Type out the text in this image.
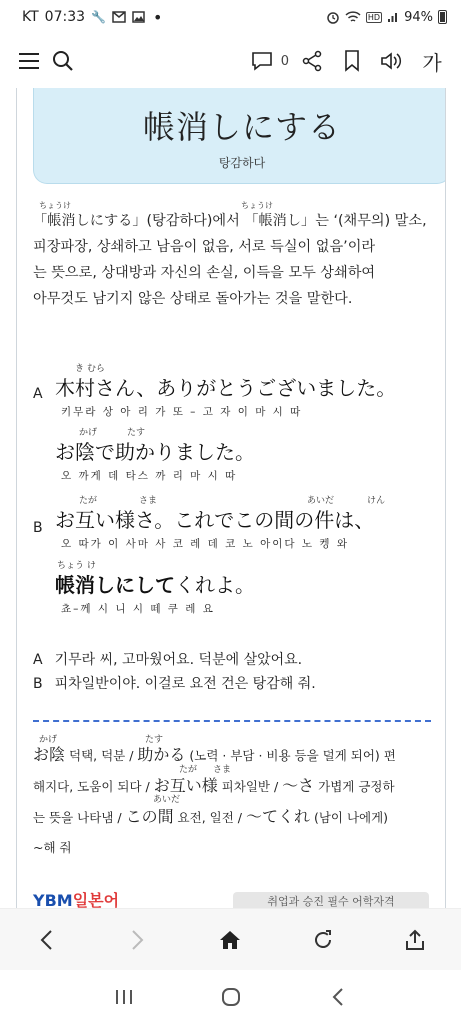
KT 07:33 🔧	•	HD 94%
0	가
帳消しにする
탕감하다
ちょうけ	ちょうけ
「帳消しにする」(탕감하다)에서 「帳消し」는 ‘(채무의) 말소,
피장파장, 상쇄하고 남음이 없음, 서로 득실이 없음’이라
는 뜻으로, 상대방과 자신의 손실, 이득을 모두 상쇄하여
아무것도 남기지 않은 상태로 돌아가는 것을 말한다.
A
き むら
木村さん、ありがとうございました。
키무라 상 아 리 가 또 – 고 자 이 마 시 따
かげ	たす
お陰で助かりました。
오 까게 데 타스 까 리 마 시 따
B
たが	さま	あいだ	けん
お互い様さ。これでこの間の件は、
오 따가 이 사마 사 코 레 데 코 노 아이다 노 켕 와
ちょう け
帳消しにしてくれよ。
쵸–께 시 니 시 떼 쿠 레 요
A 기무라 씨, 고마웠어요. 덕분에 살았어요.
B 피차일반이야. 이걸로 요전 건은 탕감해 줘.
かげ	たす
たが さま
あいだ
お陰 덕택, 덕분 / 助かる (노력 · 부담 · 비용 등을 덜게 되어) 편
해지다, 도움이 되다 / お互い様 피차일반 / 〜さ 가볍게 긍정하
는 뜻을 나타냄 / この間 요전, 일전 / 〜てくれ (남이 나에게)
~해 줘
YBM일본어	취업과 승진 필수 어학자격
